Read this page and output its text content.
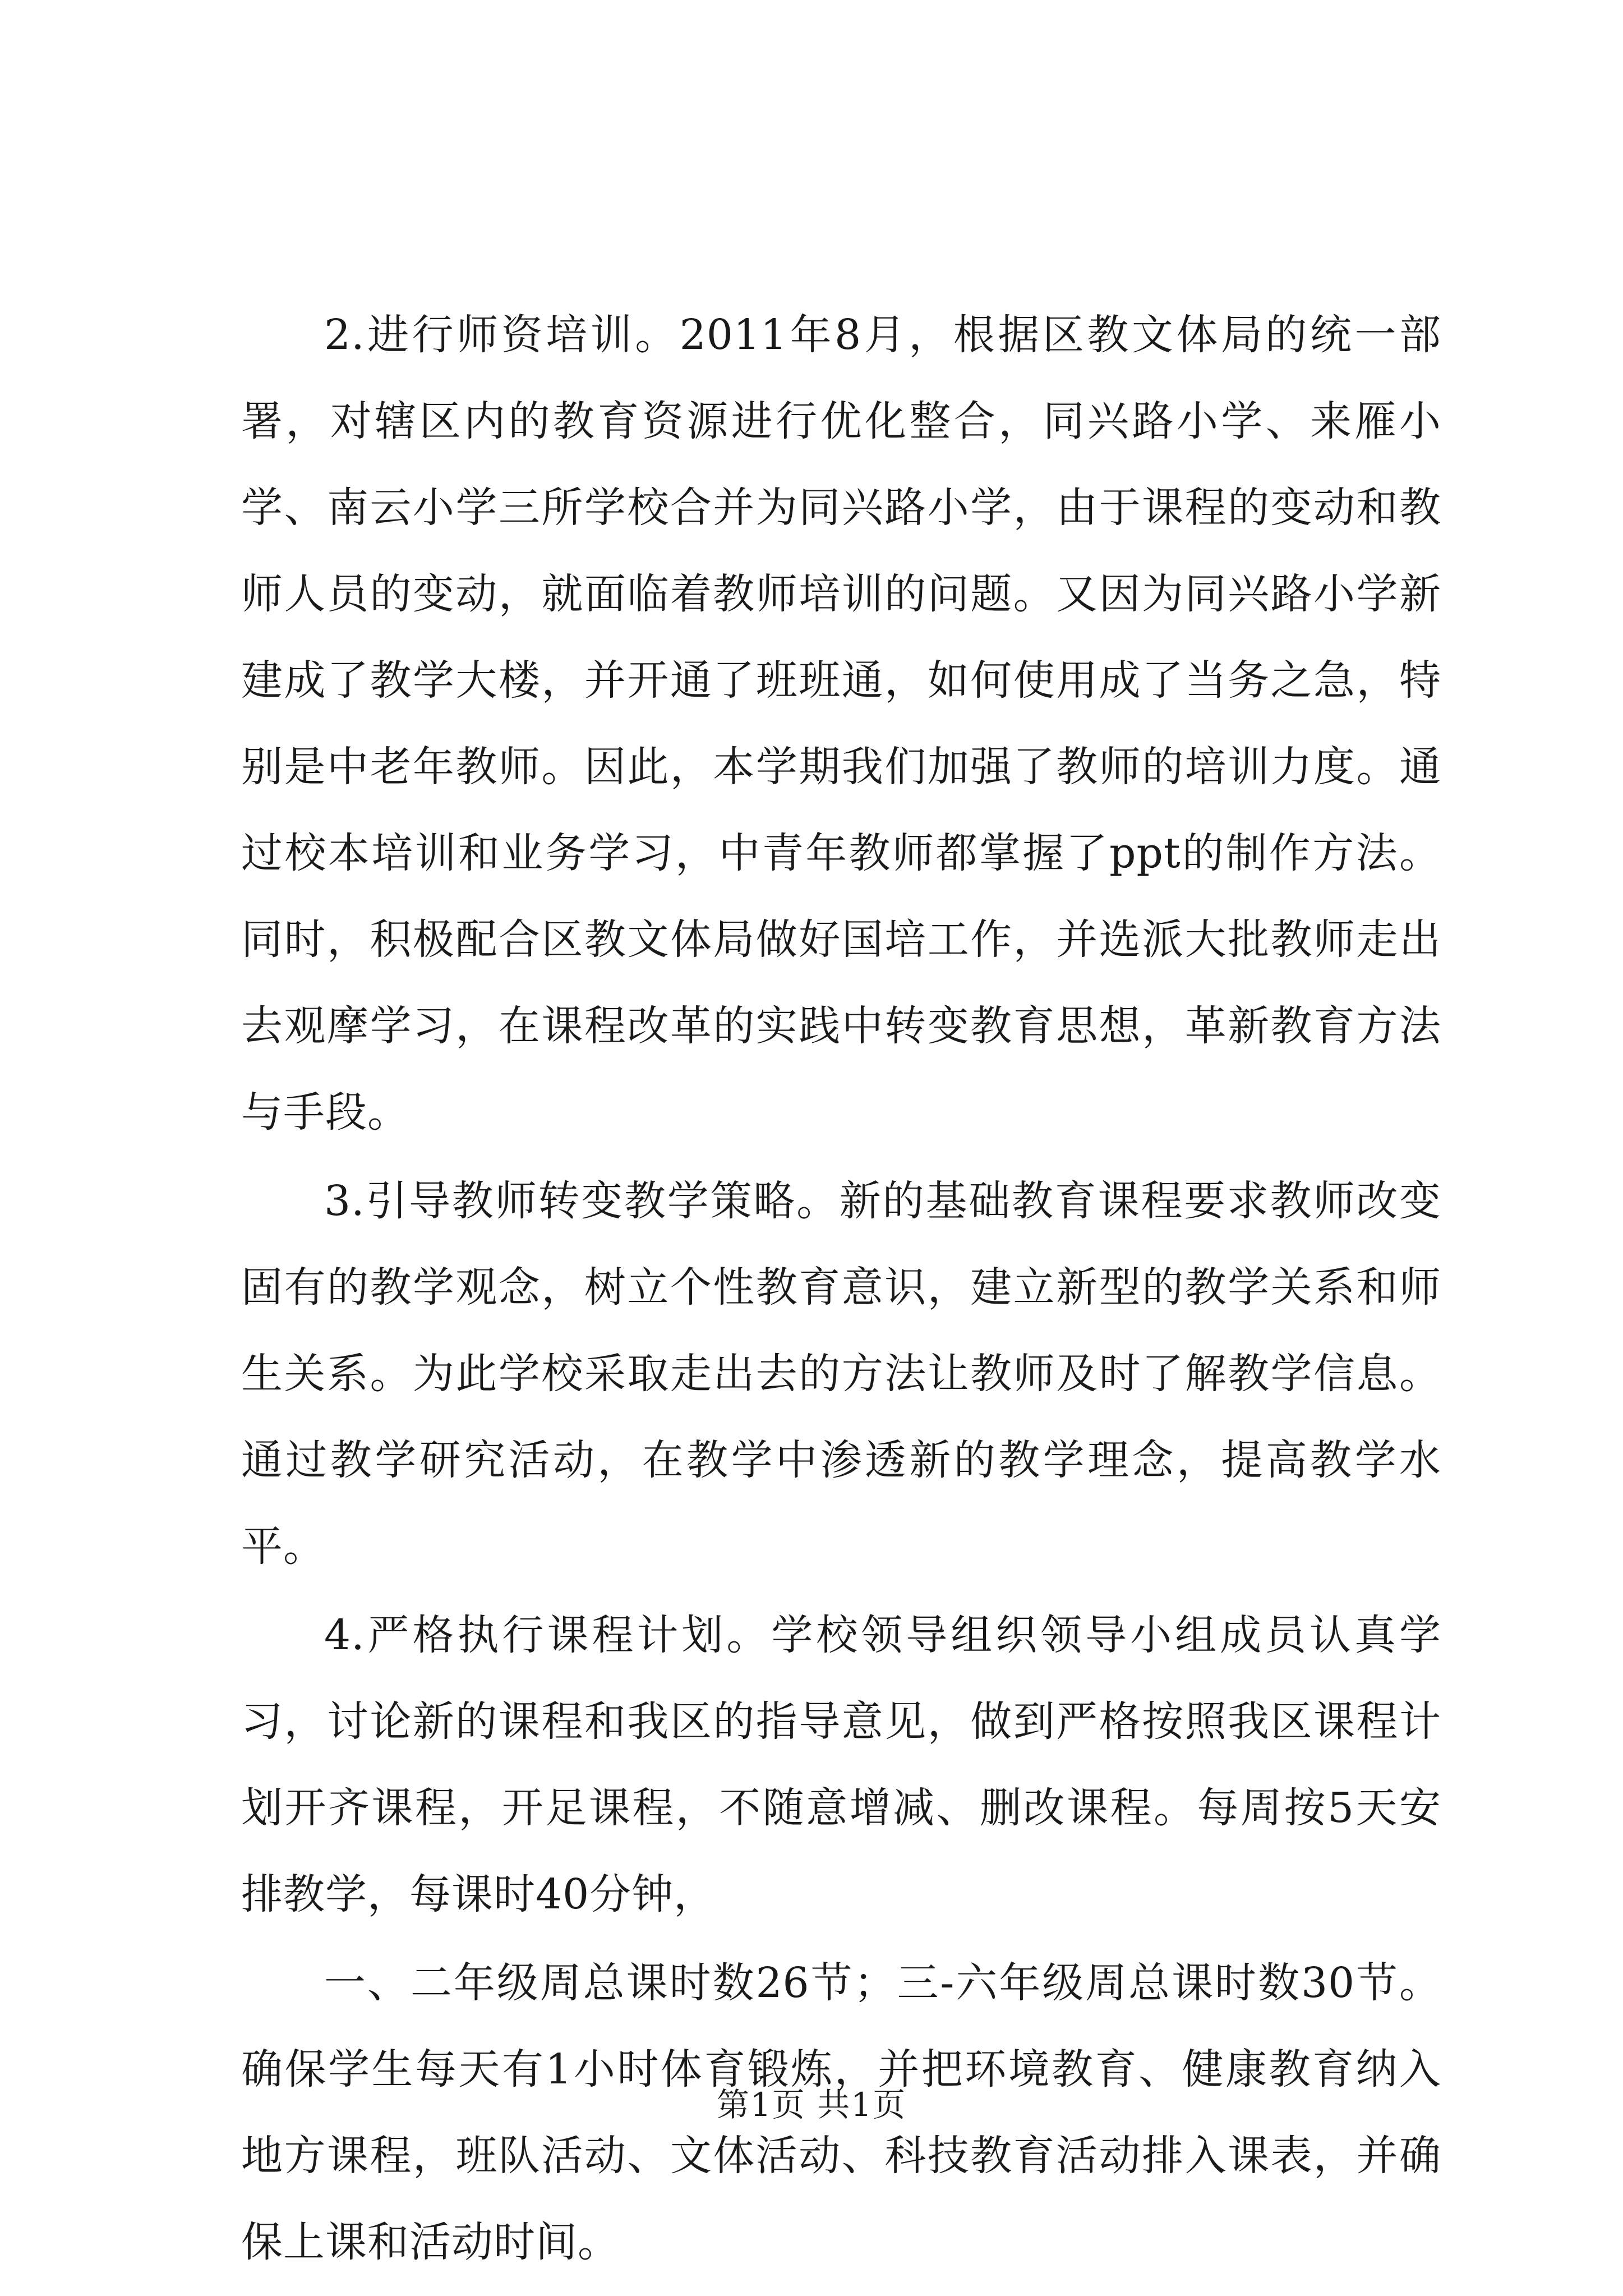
2.进行师资培训。2011年8月，根据区教文体局的统一部署，对辖区内的教育资源进行优化整合，同兴路小学、来雁小学、南云小学三所学校合并为同兴路小学，由于课程的变动和教师人员的变动，就面临着教师培训的问题。又因为同兴路小学新建成了教学大楼，并开通了班班通，如何使用成了当务之急，特别是中老年教师。因此，本学期我们加强了教师的培训力度。通过校本培训和业务学习，中青年教师都掌握了ppt的制作方法。同时，积极配合区教文体局做好国培工作，并选派大批教师走出去观摩学习，在课程改革的实践中转变教育思想，革新教育方法与手段。

3.引导教师转变教学策略。新的基础教育课程要求教师改变固有的教学观念，树立个性教育意识，建立新型的教学关系和师生关系。为此学校采取走出去的方法让教师及时了解教学信息。通过教学研究活动，在教学中渗透新的教学理念，提高教学水平。

4.严格执行课程计划。学校领导组织领导小组成员认真学习，讨论新的课程和我区的指导意见，做到严格按照我区课程计划开齐课程，开足课程，不随意增减、删改课程。每周按5天安排教学，每课时40分钟，

一、二年级周总课时数26节；三-六年级周总课时数30节。确保学生每天有1小时体育锻炼，并把环境教育、健康教育纳入地方课程，班队活动、文体活动、科技教育活动排入课表，并确保上课和活动时间。

第1页 共1页
